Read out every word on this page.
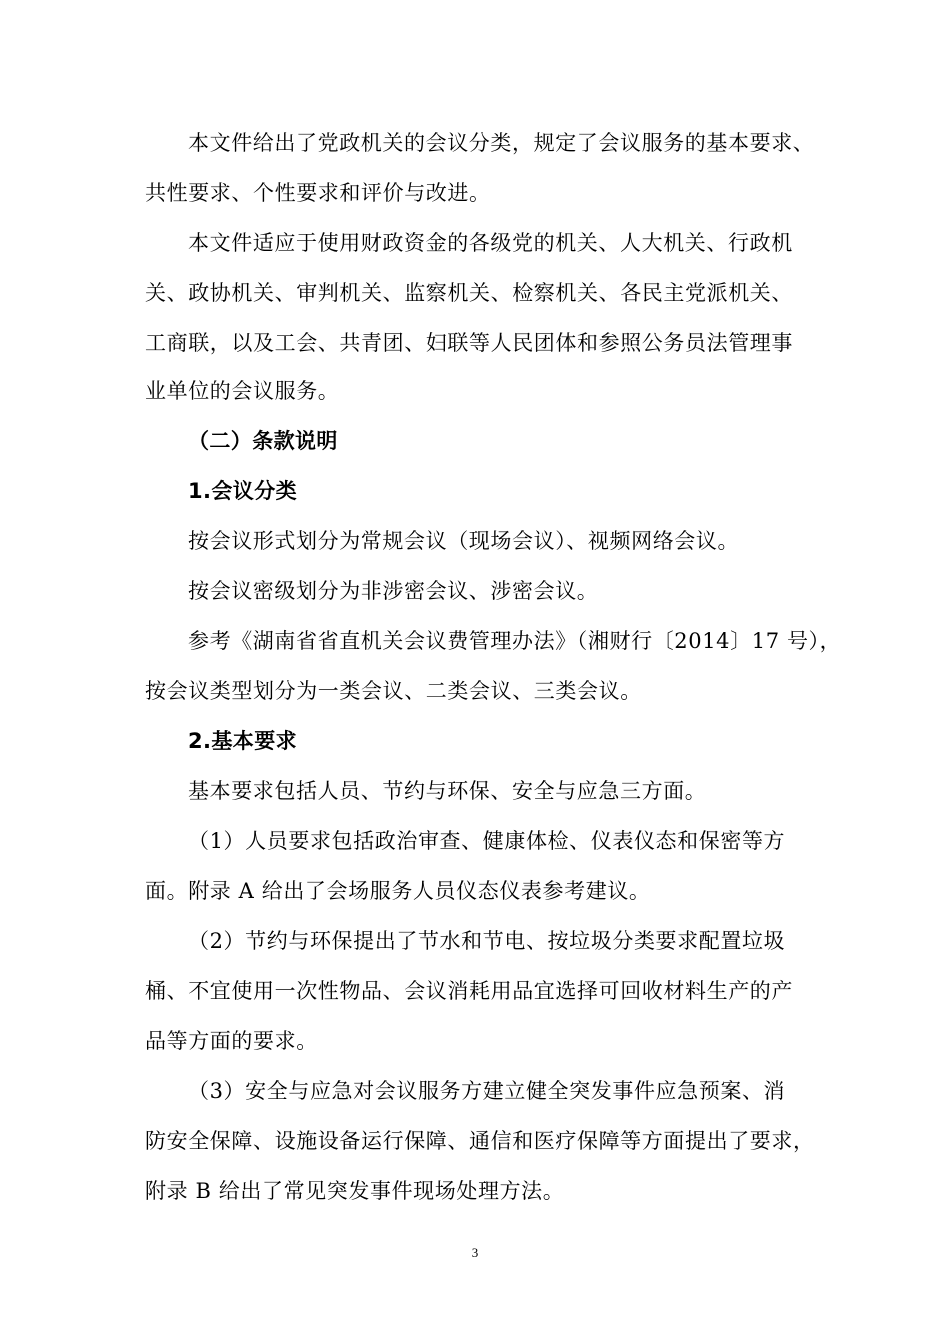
本文件给出了党政机关的会议分类，规定了会议服务的基本要求、
共性要求、个性要求和评价与改进。
本文件适应于使用财政资金的各级党的机关、人大机关、行政机
关、政协机关、审判机关、监察机关、检察机关、各民主党派机关、
工商联，以及工会、共青团、妇联等人民团体和参照公务员法管理事
业单位的会议服务。
（二）条款说明
1.会议分类
按会议形式划分为常规会议（现场会议）、视频网络会议。
按会议密级划分为非涉密会议、涉密会议。
参考《湖南省省直机关会议费管理办法》（湘财行〔2014〕17 号），
按会议类型划分为一类会议、二类会议、三类会议。
2.基本要求
基本要求包括人员、节约与环保、安全与应急三方面。
（1）人员要求包括政治审查、健康体检、仪表仪态和保密等方
面。附录 A 给出了会场服务人员仪态仪表参考建议。
（2）节约与环保提出了节水和节电、按垃圾分类要求配置垃圾
桶、不宜使用一次性物品、会议消耗用品宜选择可回收材料生产的产
品等方面的要求。
（3）安全与应急对会议服务方建立健全突发事件应急预案、消
防安全保障、设施设备运行保障、通信和医疗保障等方面提出了要求，
附录 B 给出了常见突发事件现场处理方法。
3
